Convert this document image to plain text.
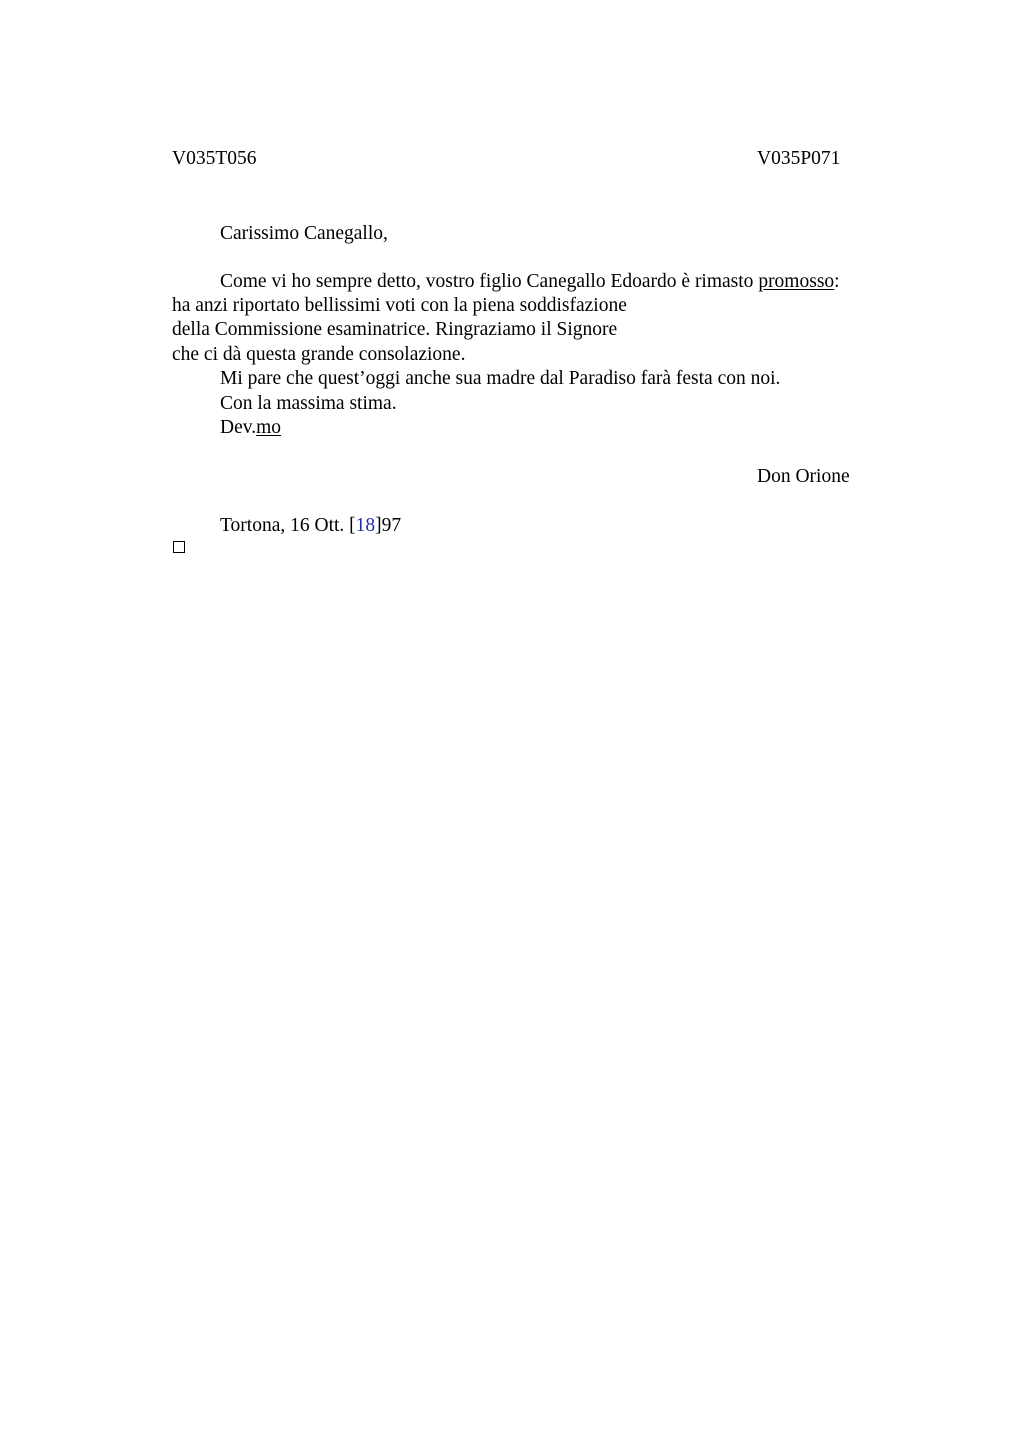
V035T056	V035P071
Carissimo Canegallo,
Come vi ho sempre detto, vostro figlio Canegallo Edoardo è rimasto promosso:
ha anzi riportato bellissimi voti con la piena soddisfazione
della Commissione esaminatrice. Ringraziamo il Signore
che ci dà questa grande consolazione.
Mi pare che quest’oggi anche sua madre dal Paradiso farà festa con noi.
Con la massima stima.
Dev.mo
Don Orione
Tortona, 16 Ott. [18]97
